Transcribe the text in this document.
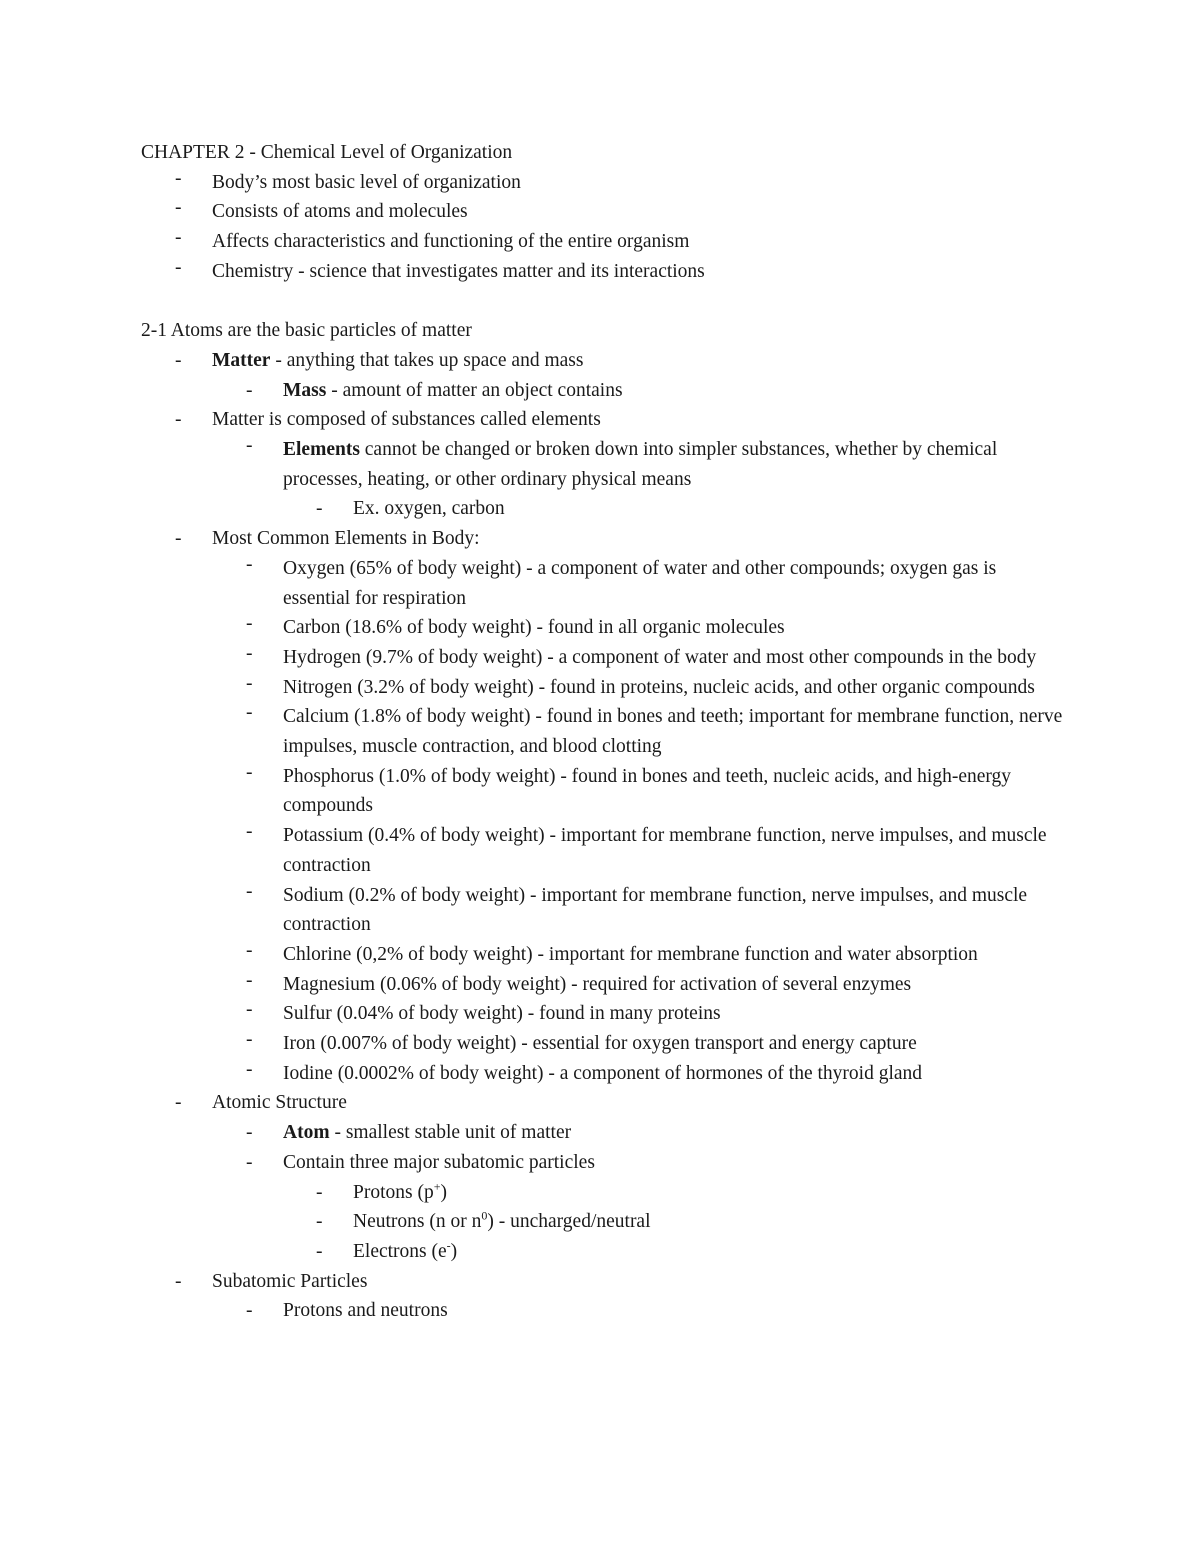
CHAPTER 2 - Chemical Level of Organization
-	Body’s most basic level of organization
-	Consists of atoms and molecules
-	Affects characteristics and functioning of the entire organism
-	Chemistry - science that investigates matter and its interactions
2-1 Atoms are the basic particles of matter
-	Matter - anything that takes up space and mass
-	Mass - amount of matter an object contains
-	Matter is composed of substances called elements
-	Elements cannot be changed or broken down into simpler substances, whether by chemical processes, heating, or other ordinary physical means
-	Ex. oxygen, carbon
-	Most Common Elements in Body:
-	Oxygen (65% of body weight) - a component of water and other compounds; oxygen gas is essential for respiration
-	Carbon (18.6% of body weight) - found in all organic molecules
-	Hydrogen (9.7% of body weight) - a component of water and most other compounds in the body
-	Nitrogen (3.2% of body weight) - found in proteins, nucleic acids, and other organic compounds
-	Calcium (1.8% of body weight) - found in bones and teeth; important for membrane function, nerve impulses, muscle contraction, and blood clotting
-	Phosphorus (1.0% of body weight) - found in bones and teeth, nucleic acids, and high-energy compounds
-	Potassium (0.4% of body weight) - important for membrane function, nerve impulses, and muscle contraction
-	Sodium (0.2% of body weight) - important for membrane function, nerve impulses, and muscle contraction
-	Chlorine (0,2% of body weight) - important for membrane function and water absorption
-	Magnesium (0.06% of body weight) - required for activation of several enzymes
-	Sulfur (0.04% of body weight) - found in many proteins
-	Iron (0.007% of body weight) - essential for oxygen transport and energy capture
-	Iodine (0.0002% of body weight) - a component of hormones of the thyroid gland
-	Atomic Structure
-	Atom - smallest stable unit of matter
-	Contain three major subatomic particles
-	Protons (p+)
-	Neutrons (n or $n^0$) - uncharged/neutral
-	Electrons (e-)
-	Subatomic Particles
-	Protons and neutrons
